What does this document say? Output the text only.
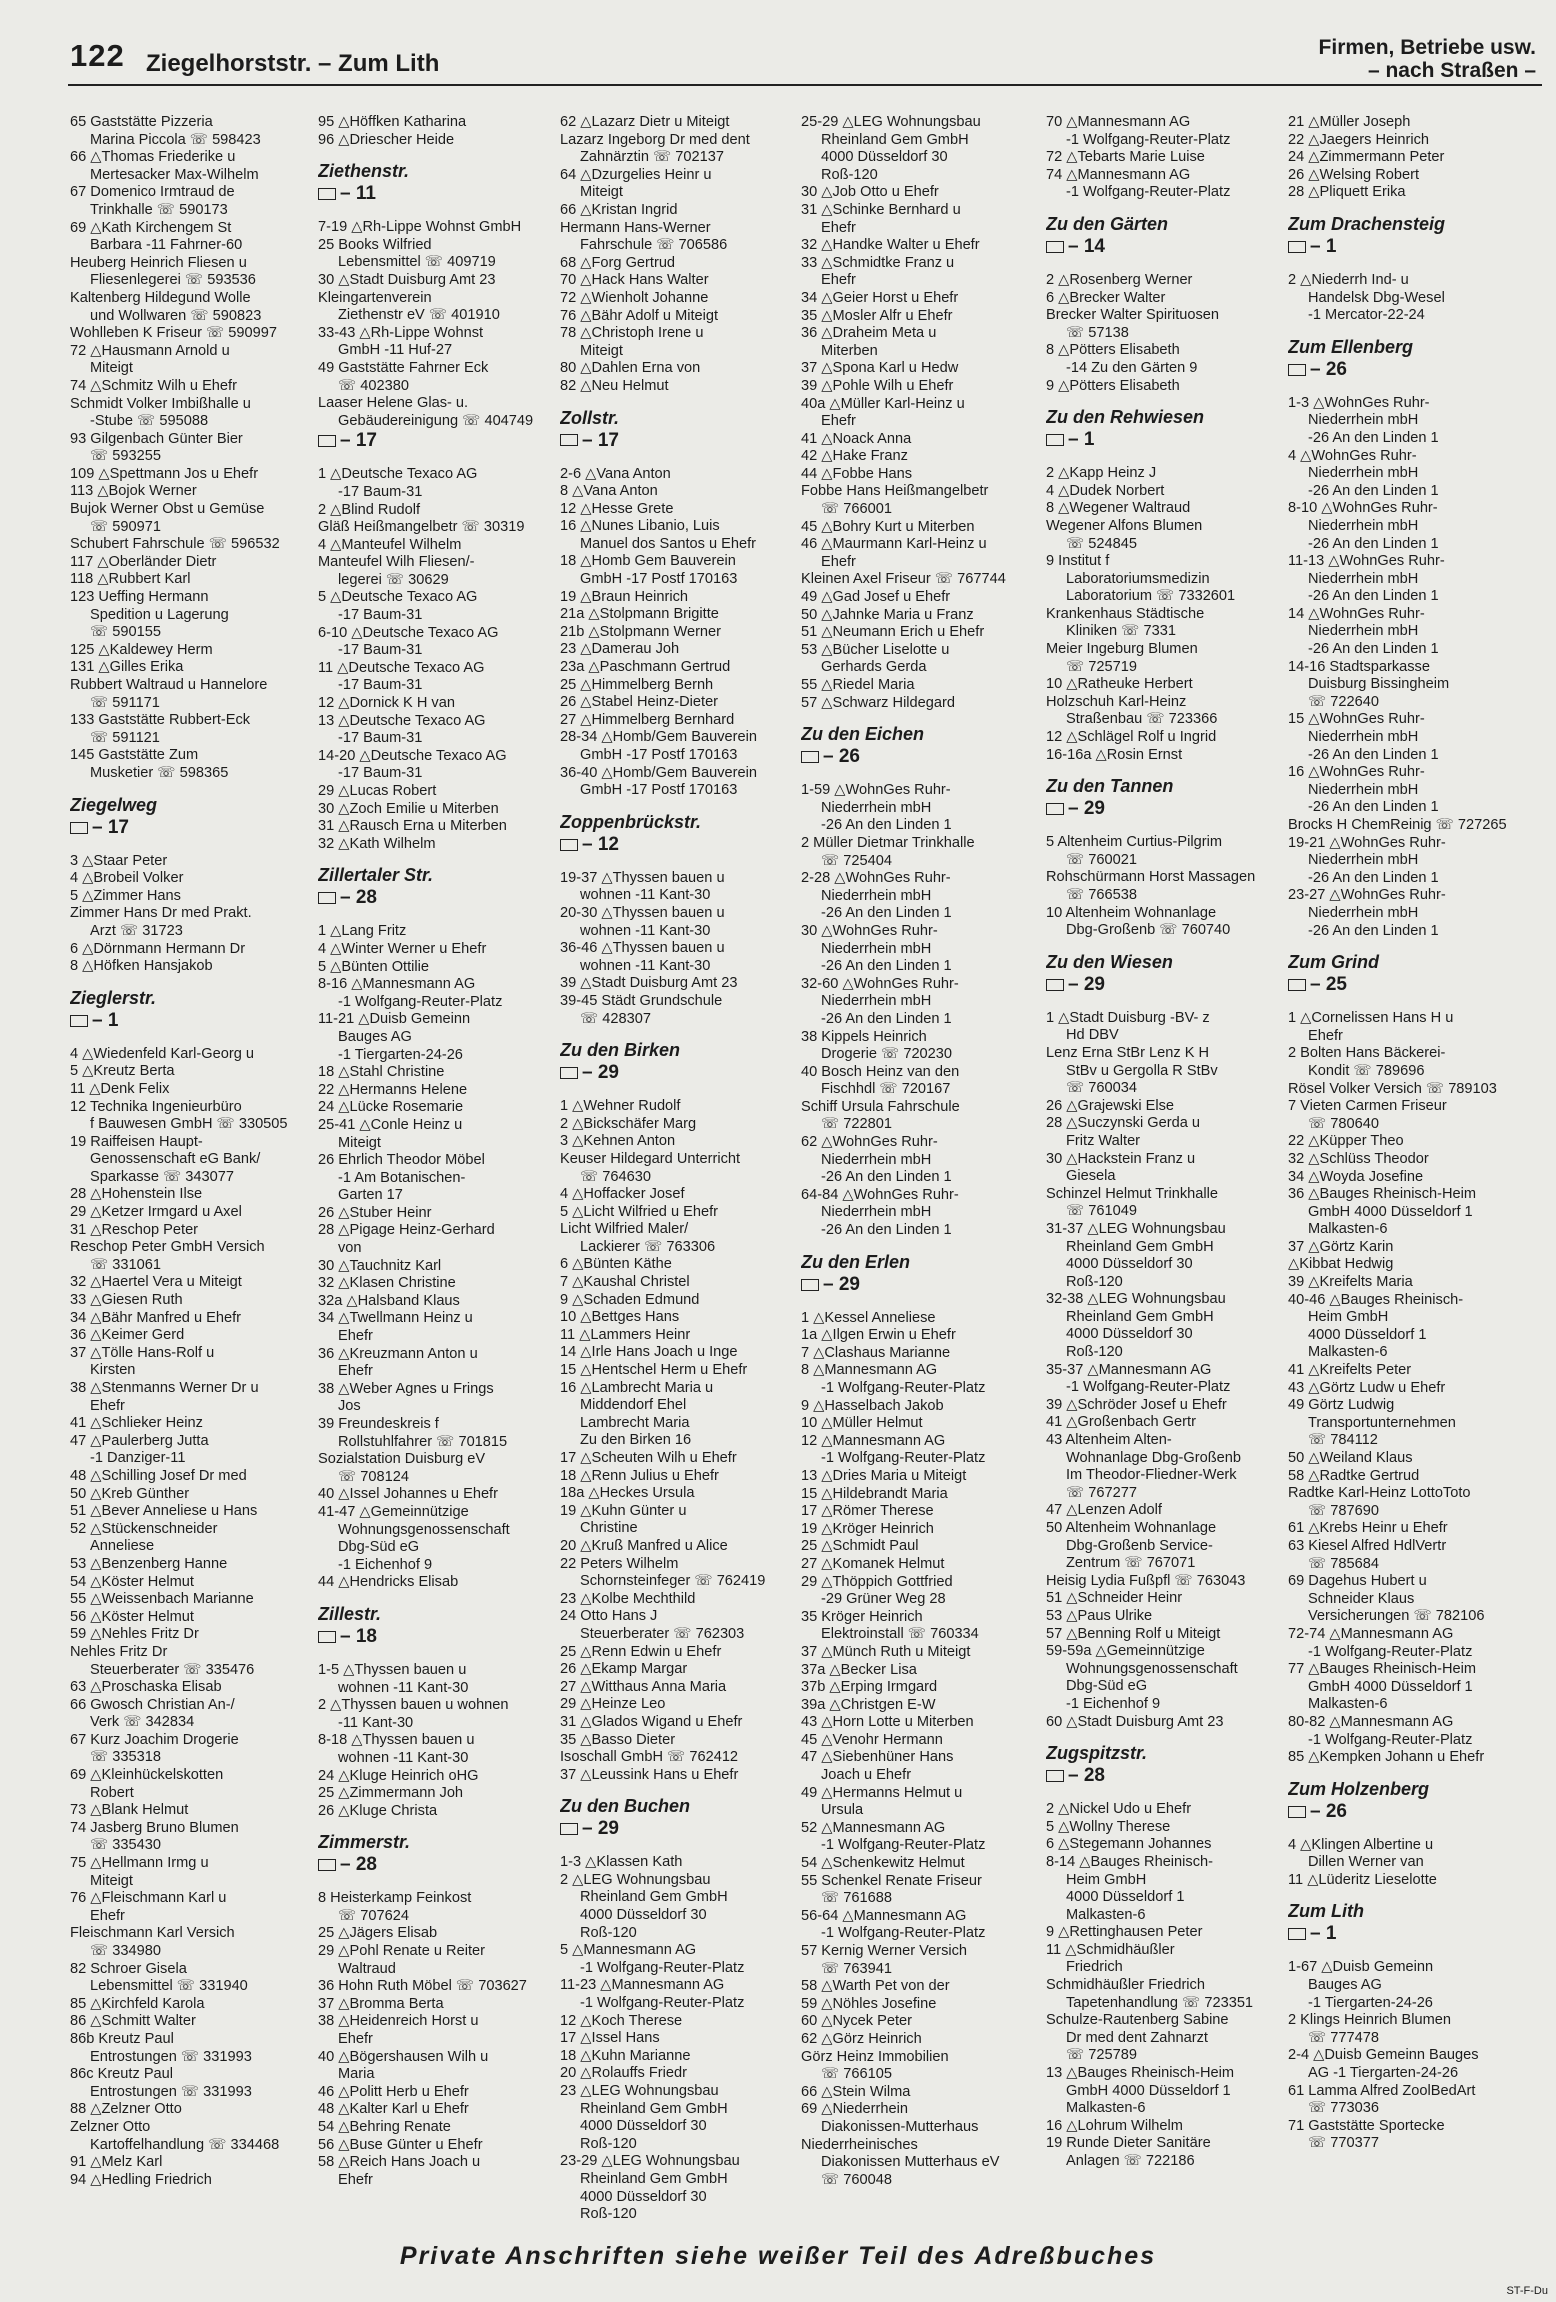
122 Ziegelhorststr. – Zum Lith
Firmen, Betriebe usw.
– nach Straßen –
65 Gaststätte Pizzeria
Marina Piccola ☏ 598423
66 △Thomas Friederike u
Mertesacker Max-Wilhelm
67 Domenico Irmtraud de
Trinkhalle ☏ 590173
69 △Kath Kirchengem St
Barbara -11 Fahrner-60
Heuberg Heinrich Fliesen u
Fliesenlegerei ☏ 593536
Kaltenberg Hildegund Wolle
und Wollwaren ☏ 590823
Wohlleben K Friseur ☏ 590997
72 △Hausmann Arnold u
Miteigt
74 △Schmitz Wilh u Ehefr
Schmidt Volker Imbißhalle u
-Stube ☏ 595088
93 Gilgenbach Günter Bier
☏ 593255
109 △Spettmann Jos u Ehefr
113 △Bojok Werner
Bujok Werner Obst u Gemüse
☏ 590971
Schubert Fahrschule ☏ 596532
117 △Oberländer Dietr
118 △Rubbert Karl
123 Ueffing Hermann
Spedition u Lagerung
☏ 590155
125 △Kaldewey Herm
131 △Gilles Erika
Rubbert Waltraud u Hannelore
☏ 591171
133 Gaststätte Rubbert-Eck
☏ 591121
145 Gaststätte Zum
Musketier ☏ 598365
Ziegelweg
– 17
3 △Staar Peter
4 △Brobeil Volker
5 △Zimmer Hans
Zimmer Hans Dr med Prakt.
Arzt ☏ 31723
6 △Dörnmann Hermann Dr
8 △Höfken Hansjakob
Zieglerstr.
– 1
4 △Wiedenfeld Karl-Georg u
5 △Kreutz Berta
11 △Denk Felix
12 Technika Ingenieurbüro
f Bauwesen GmbH ☏ 330505
19 Raiffeisen Haupt-
Genossenschaft eG Bank/
Sparkasse ☏ 343077
28 △Hohenstein Ilse
29 △Ketzer Irmgard u Axel
31 △Reschop Peter
Reschop Peter GmbH Versich
☏ 331061
32 △Haertel Vera u Miteigt
33 △Giesen Ruth
34 △Bähr Manfred u Ehefr
36 △Keimer Gerd
37 △Tölle Hans-Rolf u
Kirsten
38 △Stenmanns Werner Dr u
Ehefr
41 △Schlieker Heinz
47 △Paulerberg Jutta
-1 Danziger-11
48 △Schilling Josef Dr med
50 △Kreb Günther
51 △Bever Anneliese u Hans
52 △Stückenschneider
Anneliese
53 △Benzenberg Hanne
54 △Köster Helmut
55 △Weissenbach Marianne
56 △Köster Helmut
59 △Nehles Fritz Dr
Nehles Fritz Dr
Steuerberater ☏ 335476
63 △Proschaska Elisab
66 Gwosch Christian An-/
Verk ☏ 342834
67 Kurz Joachim Drogerie
☏ 335318
69 △Kleinhückelskotten
Robert
73 △Blank Helmut
74 Jasberg Bruno Blumen
☏ 335430
75 △Hellmann Irmg u
Miteigt
76 △Fleischmann Karl u
Ehefr
Fleischmann Karl Versich
☏ 334980
82 Schroer Gisela
Lebensmittel ☏ 331940
85 △Kirchfeld Karola
86 △Schmitt Walter
86b Kreutz Paul
Entrostungen ☏ 331993
86c Kreutz Paul
Entrostungen ☏ 331993
88 △Zelzner Otto
Zelzner Otto
Kartoffelhandlung ☏ 334468
91 △Melz Karl
94 △Hedling Friedrich
95 △Höffken Katharina
96 △Driescher Heide
Ziethenstr.
– 11
7-19 △Rh-Lippe Wohnst GmbH
25 Books Wilfried
Lebensmittel ☏ 409719
30 △Stadt Duisburg Amt 23
Kleingartenverein
Ziethenstr eV ☏ 401910
33-43 △Rh-Lippe Wohnst
GmbH -11 Huf-27
49 Gaststätte Fahrner Eck
☏ 402380
Laaser Helene Glas- u.
Gebäudereinigung ☏ 404749
– 17
1 △Deutsche Texaco AG
-17 Baum-31
2 △Blind Rudolf
Gläß Heißmangelbetr ☏ 30319
4 △Manteufel Wilhelm
Manteufel Wilh Fliesen/-
legerei ☏ 30629
5 △Deutsche Texaco AG
-17 Baum-31
6-10 △Deutsche Texaco AG
-17 Baum-31
11 △Deutsche Texaco AG
-17 Baum-31
12 △Dornick K H van
13 △Deutsche Texaco AG
-17 Baum-31
14-20 △Deutsche Texaco AG
-17 Baum-31
29 △Lucas Robert
30 △Zoch Emilie u Miterben
31 △Rausch Erna u Miterben
32 △Kath Wilhelm
Zillertaler Str.
– 28
1 △Lang Fritz
4 △Winter Werner u Ehefr
5 △Bünten Ottilie
8-16 △Mannesmann AG
-1 Wolfgang-Reuter-Platz
11-21 △Duisb Gemeinn
Bauges AG
-1 Tiergarten-24-26
18 △Stahl Christine
22 △Hermanns Helene
24 △Lücke Rosemarie
25-41 △Conle Heinz u
Miteigt
26 Ehrlich Theodor Möbel
-1 Am Botanischen-
Garten 17
26 △Stuber Heinr
28 △Pigage Heinz-Gerhard
von
30 △Tauchnitz Karl
32 △Klasen Christine
32a △Halsband Klaus
34 △Twellmann Heinz u
Ehefr
36 △Kreuzmann Anton u
Ehefr
38 △Weber Agnes u Frings
Jos
39 Freundeskreis f
Rollstuhlfahrer ☏ 701815
Sozialstation Duisburg eV
☏ 708124
40 △Issel Johannes u Ehefr
41-47 △Gemeinnützige
Wohnungsgenossenschaft
Dbg-Süd eG
-1 Eichenhof 9
44 △Hendricks Elisab
Zillestr.
– 18
1-5 △Thyssen bauen u
wohnen -11 Kant-30
2 △Thyssen bauen u wohnen
-11 Kant-30
8-18 △Thyssen bauen u
wohnen -11 Kant-30
24 △Kluge Heinrich oHG
25 △Zimmermann Joh
26 △Kluge Christa
Zimmerstr.
– 28
8 Heisterkamp Feinkost
☏ 707624
25 △Jägers Elisab
29 △Pohl Renate u Reiter
Waltraud
36 Hohn Ruth Möbel ☏ 703627
37 △Bromma Berta
38 △Heidenreich Horst u
Ehefr
40 △Bögershausen Wilh u
Maria
46 △Politt Herb u Ehefr
48 △Kalter Karl u Ehefr
54 △Behring Renate
56 △Buse Günter u Ehefr
58 △Reich Hans Joach u
Ehefr
62 △Lazarz Dietr u Miteigt
Lazarz Ingeborg Dr med dent
Zahnärztin ☏ 702137
64 △Dzurgelies Heinr u
Miteigt
66 △Kristan Ingrid
Hermann Hans-Werner
Fahrschule ☏ 706586
68 △Forg Gertrud
70 △Hack Hans Walter
72 △Wienholt Johanne
76 △Bähr Adolf u Miteigt
78 △Christoph Irene u
Miteigt
80 △Dahlen Erna von
82 △Neu Helmut
Zollstr.
– 17
2-6 △Vana Anton
8 △Vana Anton
12 △Hesse Grete
16 △Nunes Libanio, Luis
Manuel dos Santos u Ehefr
18 △Homb Gem Bauverein
GmbH -17 Postf 170163
19 △Braun Heinrich
21a △Stolpmann Brigitte
21b △Stolpmann Werner
23 △Damerau Joh
23a △Paschmann Gertrud
25 △Himmelberg Bernh
26 △Stabel Heinz-Dieter
27 △Himmelberg Bernhard
28-34 △Homb/Gem Bauverein
GmbH -17 Postf 170163
36-40 △Homb/Gem Bauverein
GmbH -17 Postf 170163
Zoppenbrückstr.
– 12
19-37 △Thyssen bauen u
wohnen -11 Kant-30
20-30 △Thyssen bauen u
wohnen -11 Kant-30
36-46 △Thyssen bauen u
wohnen -11 Kant-30
39 △Stadt Duisburg Amt 23
39-45 Städt Grundschule
☏ 428307
Zu den Birken
– 29
1 △Wehner Rudolf
2 △Bickschäfer Marg
3 △Kehnen Anton
Keuser Hildegard Unterricht
☏ 764630
4 △Hoffacker Josef
5 △Licht Wilfried u Ehefr
Licht Wilfried Maler/
Lackierer ☏ 763306
6 △Bünten Käthe
7 △Kaushal Christel
9 △Schaden Edmund
10 △Bettges Hans
11 △Lammers Heinr
14 △Irle Hans Joach u Inge
15 △Hentschel Herm u Ehefr
16 △Lambrecht Maria u
Middendorf Ehel
Lambrecht Maria
Zu den Birken 16
17 △Scheuten Wilh u Ehefr
18 △Renn Julius u Ehefr
18a △Heckes Ursula
19 △Kuhn Günter u
Christine
20 △Kruß Manfred u Alice
22 Peters Wilhelm
Schornsteinfeger ☏ 762419
23 △Kolbe Mechthild
24 Otto Hans J
Steuerberater ☏ 762303
25 △Renn Edwin u Ehefr
26 △Ekamp Margar
27 △Witthaus Anna Maria
29 △Heinze Leo
31 △Glados Wigand u Ehefr
35 △Basso Dieter
Isoschall GmbH ☏ 762412
37 △Leussink Hans u Ehefr
Zu den Buchen
– 29
1-3 △Klassen Kath
2 △LEG Wohnungsbau
Rheinland Gem GmbH
4000 Düsseldorf 30
Roß-120
5 △Mannesmann AG
-1 Wolfgang-Reuter-Platz
11-23 △Mannesmann AG
-1 Wolfgang-Reuter-Platz
12 △Koch Therese
17 △Issel Hans
18 △Kuhn Marianne
20 △Rolauffs Friedr
23 △LEG Wohnungsbau
Rheinland Gem GmbH
4000 Düsseldorf 30
Roß-120
23-29 △LEG Wohnungsbau
Rheinland Gem GmbH
4000 Düsseldorf 30
Roß-120
25-29 △LEG Wohnungsbau
Rheinland Gem GmbH
4000 Düsseldorf 30
Roß-120
30 △Job Otto u Ehefr
31 △Schinke Bernhard u
Ehefr
32 △Handke Walter u Ehefr
33 △Schmidtke Franz u
Ehefr
34 △Geier Horst u Ehefr
35 △Mosler Alfr u Ehefr
36 △Draheim Meta u
Miterben
37 △Sponа Karl u Hedw
39 △Pohle Wilh u Ehefr
40a △Müller Karl-Heinz u
Ehefr
41 △Noack Anna
42 △Hake Franz
44 △Fobbe Hans
Fobbe Hans Heißmangelbetr
☏ 766001
45 △Bohry Kurt u Miterben
46 △Maurmann Karl-Heinz u
Ehefr
Kleinen Axel Friseur ☏ 767744
49 △Gad Josef u Ehefr
50 △Jahnke Maria u Franz
51 △Neumann Erich u Ehefr
53 △Bücher Liselotte u
Gerhards Gerda
55 △Riedel Maria
57 △Schwarz Hildegard
Zu den Eichen
– 26
1-59 △WohnGes Ruhr-
Niederrhein mbH
-26 An den Linden 1
2 Müller Dietmar Trinkhalle
☏ 725404
2-28 △WohnGes Ruhr-
Niederrhein mbH
-26 An den Linden 1
30 △WohnGes Ruhr-
Niederrhein mbH
-26 An den Linden 1
32-60 △WohnGes Ruhr-
Niederrhein mbH
-26 An den Linden 1
38 Kippels Heinrich
Drogerie ☏ 720230
40 Bosch Heinz van den
Fischhdl ☏ 720167
Schiff Ursula Fahrschule
☏ 722801
62 △WohnGes Ruhr-
Niederrhein mbH
-26 An den Linden 1
64-84 △WohnGes Ruhr-
Niederrhein mbH
-26 An den Linden 1
Zu den Erlen
– 29
1 △Kessel Anneliese
1a △Ilgen Erwin u Ehefr
7 △Clashaus Marianne
8 △Mannesmann AG
-1 Wolfgang-Reuter-Platz
9 △Hasselbach Jakob
10 △Müller Helmut
12 △Mannesmann AG
-1 Wolfgang-Reuter-Platz
13 △Dries Maria u Miteigt
15 △Hildebrandt Maria
17 △Römer Therese
19 △Kröger Heinrich
25 △Schmidt Paul
27 △Komanek Helmut
29 △Thöppich Gottfried
-29 Grüner Weg 28
35 Kröger Heinrich
Elektroinstall ☏ 760334
37 △Münch Ruth u Miteigt
37a △Becker Lisa
37b △Erping Irmgard
39a △Christgen E-W
43 △Horn Lotte u Miterben
45 △Venohr Hermann
47 △Siebenhüner Hans
Joach u Ehefr
49 △Hermanns Helmut u
Ursula
52 △Mannesmann AG
-1 Wolfgang-Reuter-Platz
54 △Schenkewitz Helmut
55 Schenkel Renate Friseur
☏ 761688
56-64 △Mannesmann AG
-1 Wolfgang-Reuter-Platz
57 Kernig Werner Versich
☏ 763941
58 △Warth Pet von der
59 △Nöhles Josefine
60 △Nycek Peter
62 △Görz Heinrich
Görz Heinz Immobilien
☏ 766105
66 △Stein Wilma
69 △Niederrhein
Diakonissen-Mutterhaus
Niederrheinisches
Diakonissen Mutterhaus eV
☏ 760048
70 △Mannesmann AG
-1 Wolfgang-Reuter-Platz
72 △Tebarts Marie Luise
74 △Mannesmann AG
-1 Wolfgang-Reuter-Platz
Zu den Gärten
– 14
2 △Rosenberg Werner
6 △Brecker Walter
Brecker Walter Spirituosen
☏ 57138
8 △Pötters Elisabeth
-14 Zu den Gärten 9
9 △Pötters Elisabeth
Zu den Rehwiesen
– 1
2 △Kapp Heinz J
4 △Dudek Norbert
8 △Wegener Waltraud
Wegener Alfons Blumen
☏ 524845
9 Institut f
Laboratoriumsmedizin
Laboratorium ☏ 7332601
Krankenhaus Städtische
Kliniken ☏ 7331
Meier Ingeburg Blumen
☏ 725719
10 △Ratheuke Herbert
Holzschuh Karl-Heinz
Straßenbau ☏ 723366
12 △Schlägel Rolf u Ingrid
16-16a △Rosin Ernst
Zu den Tannen
– 29
5 Altenheim Curtius-Pilgrim
☏ 760021
Rohschürmann Horst Massagen
☏ 766538
10 Altenheim Wohnanlage
Dbg-Großenb ☏ 760740
Zu den Wiesen
– 29
1 △Stadt Duisburg -BV- z
Hd DBV
Lenz Erna StBr Lenz K H
StBv u Gergolla R StBv
☏ 760034
26 △Grajewski Else
28 △Suczynski Gerda u
Fritz Walter
30 △Hackstein Franz u
Giesela
Schinzel Helmut Trinkhalle
☏ 761049
31-37 △LEG Wohnungsbau
Rheinland Gem GmbH
4000 Düsseldorf 30
Roß-120
32-38 △LEG Wohnungsbau
Rheinland Gem GmbH
4000 Düsseldorf 30
Roß-120
35-37 △Mannesmann AG
-1 Wolfgang-Reuter-Platz
39 △Schröder Josef u Ehefr
41 △Großenbach Gertr
43 Altenheim Alten-
Wohnanlage Dbg-Großenb
Im Theodor-Fliedner-Werk
☏ 767277
47 △Lenzen Adolf
50 Altenheim Wohnanlage
Dbg-Großenb Service-
Zentrum ☏ 767071
Heisig Lydia Fußpfl ☏ 763043
51 △Schneider Heinr
53 △Paus Ulrike
57 △Benning Rolf u Miteigt
59-59a △Gemeinnützige
Wohnungsgenossenschaft
Dbg-Süd eG
-1 Eichenhof 9
60 △Stadt Duisburg Amt 23
Zugspitzstr.
– 28
2 △Nickel Udo u Ehefr
5 △Wollny Therese
6 △Stegemann Johannes
8-14 △Bauges Rheinisch-
Heim GmbH
4000 Düsseldorf 1
Malkasten-6
9 △Rettinghausen Peter
11 △Schmidhäußler
Friedrich
Schmidhäußler Friedrich
Tapetenhandlung ☏ 723351
Schulze-Rautenberg Sabine
Dr med dent Zahnarzt
☏ 725789
13 △Bauges Rheinisch-Heim
GmbH 4000 Düsseldorf 1
Malkasten-6
16 △Lohrum Wilhelm
19 Runde Dieter Sanitäre
Anlagen ☏ 722186
21 △Müller Joseph
22 △Jaegers Heinrich
24 △Zimmermann Peter
26 △Welsing Robert
28 △Pliquett Erika
Zum Drachensteig
– 1
2 △Niederrh Ind- u
Handelsk Dbg-Wesel
-1 Mercator-22-24
Zum Ellenberg
– 26
1-3 △WohnGes Ruhr-
Niederrhein mbH
-26 An den Linden 1
4 △WohnGes Ruhr-
Niederrhein mbH
-26 An den Linden 1
8-10 △WohnGes Ruhr-
Niederrhein mbH
-26 An den Linden 1
11-13 △WohnGes Ruhr-
Niederrhein mbH
-26 An den Linden 1
14 △WohnGes Ruhr-
Niederrhein mbH
-26 An den Linden 1
14-16 Stadtsparkasse
Duisburg Bissingheim
☏ 722640
15 △WohnGes Ruhr-
Niederrhein mbH
-26 An den Linden 1
16 △WohnGes Ruhr-
Niederrhein mbH
-26 An den Linden 1
Brocks H ChemReinig ☏ 727265
19-21 △WohnGes Ruhr-
Niederrhein mbH
-26 An den Linden 1
23-27 △WohnGes Ruhr-
Niederrhein mbH
-26 An den Linden 1
Zum Grind
– 25
1 △Cornelissen Hans H u
Ehefr
2 Bolten Hans Bäckerei-
Kondit ☏ 789696
Rösel Volker Versich ☏ 789103
7 Vieten Carmen Friseur
☏ 780640
22 △Küpper Theo
32 △Schlüss Theodor
34 △Woyda Josefine
36 △Bauges Rheinisch-Heim
GmbH 4000 Düsseldorf 1
Malkasten-6
37 △Görtz Karin
△Kibbat Hedwig
39 △Kreifelts Maria
40-46 △Bauges Rheinisch-
Heim GmbH
4000 Düsseldorf 1
Malkasten-6
41 △Kreifelts Peter
43 △Görtz Ludw u Ehefr
49 Görtz Ludwig
Transportunternehmen
☏ 784112
50 △Weiland Klaus
58 △Radtke Gertrud
Radtke Karl-Heinz LottoToto
☏ 787690
61 △Krebs Heinr u Ehefr
63 Kiesel Alfred HdlVertr
☏ 785684
69 Dagehus Hubert u
Schneider Klaus
Versicherungen ☏ 782106
72-74 △Mannesmann AG
-1 Wolfgang-Reuter-Platz
77 △Bauges Rheinisch-Heim
GmbH 4000 Düsseldorf 1
Malkasten-6
80-82 △Mannesmann AG
-1 Wolfgang-Reuter-Platz
85 △Kempken Johann u Ehefr
Zum Holzenberg
– 26
4 △Klingen Albertine u
Dillen Werner van
11 △Lüderitz Lieselotte
Zum Lith
– 1
1-67 △Duisb Gemeinn
Bauges AG
-1 Tiergarten-24-26
2 Klings Heinrich Blumen
☏ 777478
2-4 △Duisb Gemeinn Bauges
AG -1 Tiergarten-24-26
61 Lamma Alfred ZoolBedArt
☏ 773036
71 Gaststätte Sportecke
☏ 770377
Private Anschriften siehe weißer Teil des Adreßbuches
ST-F-Du
